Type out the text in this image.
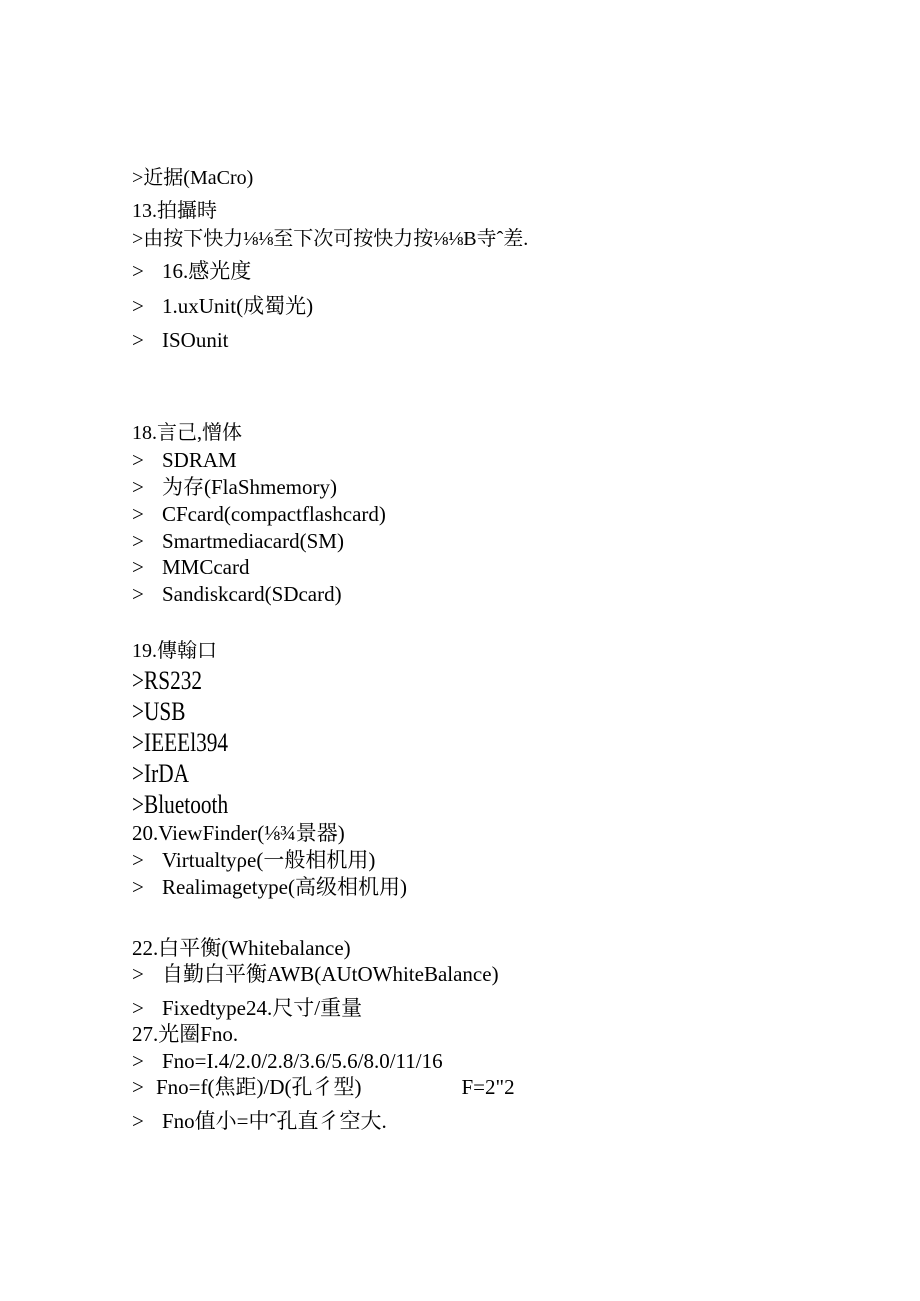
>近据(MaCro)
13.拍攝時
>由按下快力⅛⅛至下次可按快力按⅛⅛B寺ˆ差.
> 16.感光度
> 1.uxUnit(成蜀光)
> ISOunit
18.言己,憎体
> SDRAM
> 为存(FlaShmemory)
> CFcard(compactflashcard)
> Smartmediacard(SM)
> MMCcard
> Sandiskcard(SDcard)
19.傳翰口
>RS232
>USB
>IEEEl394
>IrDA
>Bluetooth
20.ViewFinder(⅛¾景器)
> Virtualtyρe(一般相机用)
> Realimagetype(高级相机用)
22.白平衡(Whitebalance)
> 自勤白平衡AWB(AUtOWhiteBalance)
> Fixedtype24.尺寸/重量
27.光圈Fno.
> Fno=I.4/2.0/2.8/3.6/5.6/8.0/11/16
> Fno=f(焦距)/D(孔彳型)	F=2"2
> Fno值小=中ˆ孔直彳空大.
